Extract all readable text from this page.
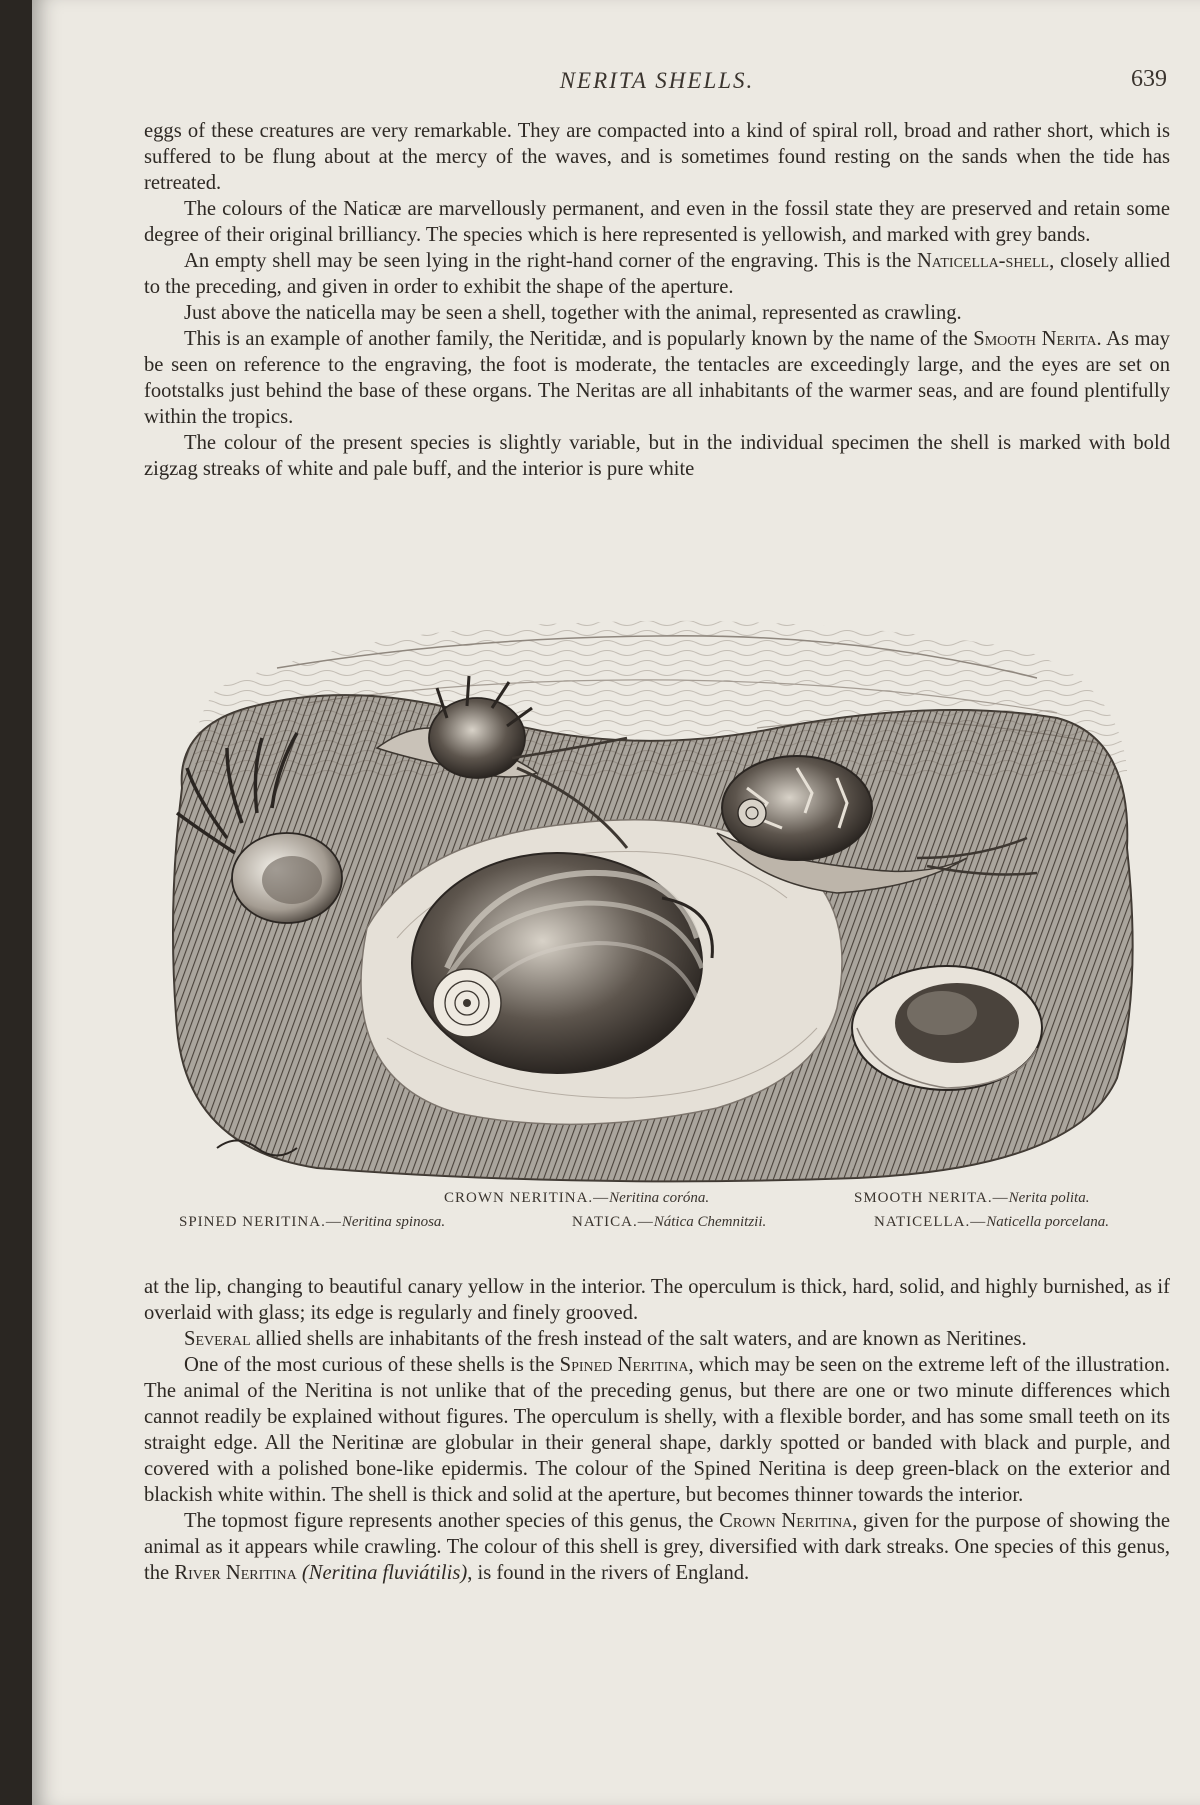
NERITA SHELLS.	639

eggs of these creatures are very remarkable. They are compacted into a kind of spiral roll, broad and rather short, which is suffered to be flung about at the mercy of the waves, and is sometimes found resting on the sands when the tide has retreated.

The colours of the Naticæ are marvellously permanent, and even in the fossil state they are preserved and retain some degree of their original brilliancy. The species which is here represented is yellowish, and marked with grey bands.

An empty shell may be seen lying in the right-hand corner of the engraving. This is the Naticella-shell, closely allied to the preceding, and given in order to exhibit the shape of the aperture.

Just above the naticella may be seen a shell, together with the animal, represented as crawling.

This is an example of another family, the Neritidæ, and is popularly known by the name of the Smooth Nerita. As may be seen on reference to the engraving, the foot is moderate, the tentacles are exceedingly large, and the eyes are set on footstalks just behind the base of these organs. The Neritas are all inhabitants of the warmer seas, and are found plentifully within the tropics.

The colour of the present species is slightly variable, but in the individual specimen the shell is marked with bold zigzag streaks of white and pale buff, and the interior is pure white

CROWN NERITINA.—Neritina coróna.	SMOOTH NERITA.—Nerita polita.
SPINED NERITINA.—Neritina spinosa.	NATICA.—Nática Chemnitzii.	NATICELLA.—Naticella porcelana.

at the lip, changing to beautiful canary yellow in the interior. The operculum is thick, hard, solid, and highly burnished, as if overlaid with glass; its edge is regularly and finely grooved.

Several allied shells are inhabitants of the fresh instead of the salt waters, and are known as Neritines.

One of the most curious of these shells is the Spined Neritina, which may be seen on the extreme left of the illustration. The animal of the Neritina is not unlike that of the preceding genus, but there are one or two minute differences which cannot readily be explained without figures. The operculum is shelly, with a flexible border, and has some small teeth on its straight edge. All the Neritinæ are globular in their general shape, darkly spotted or banded with black and purple, and covered with a polished bone-like epidermis. The colour of the Spined Neritina is deep green-black on the exterior and blackish white within. The shell is thick and solid at the aperture, but becomes thinner towards the interior.

The topmost figure represents another species of this genus, the Crown Neritina, given for the purpose of showing the animal as it appears while crawling. The colour of this shell is grey, diversified with dark streaks. One species of this genus, the River Neritina (Neritina fluviátilis), is found in the rivers of England.
